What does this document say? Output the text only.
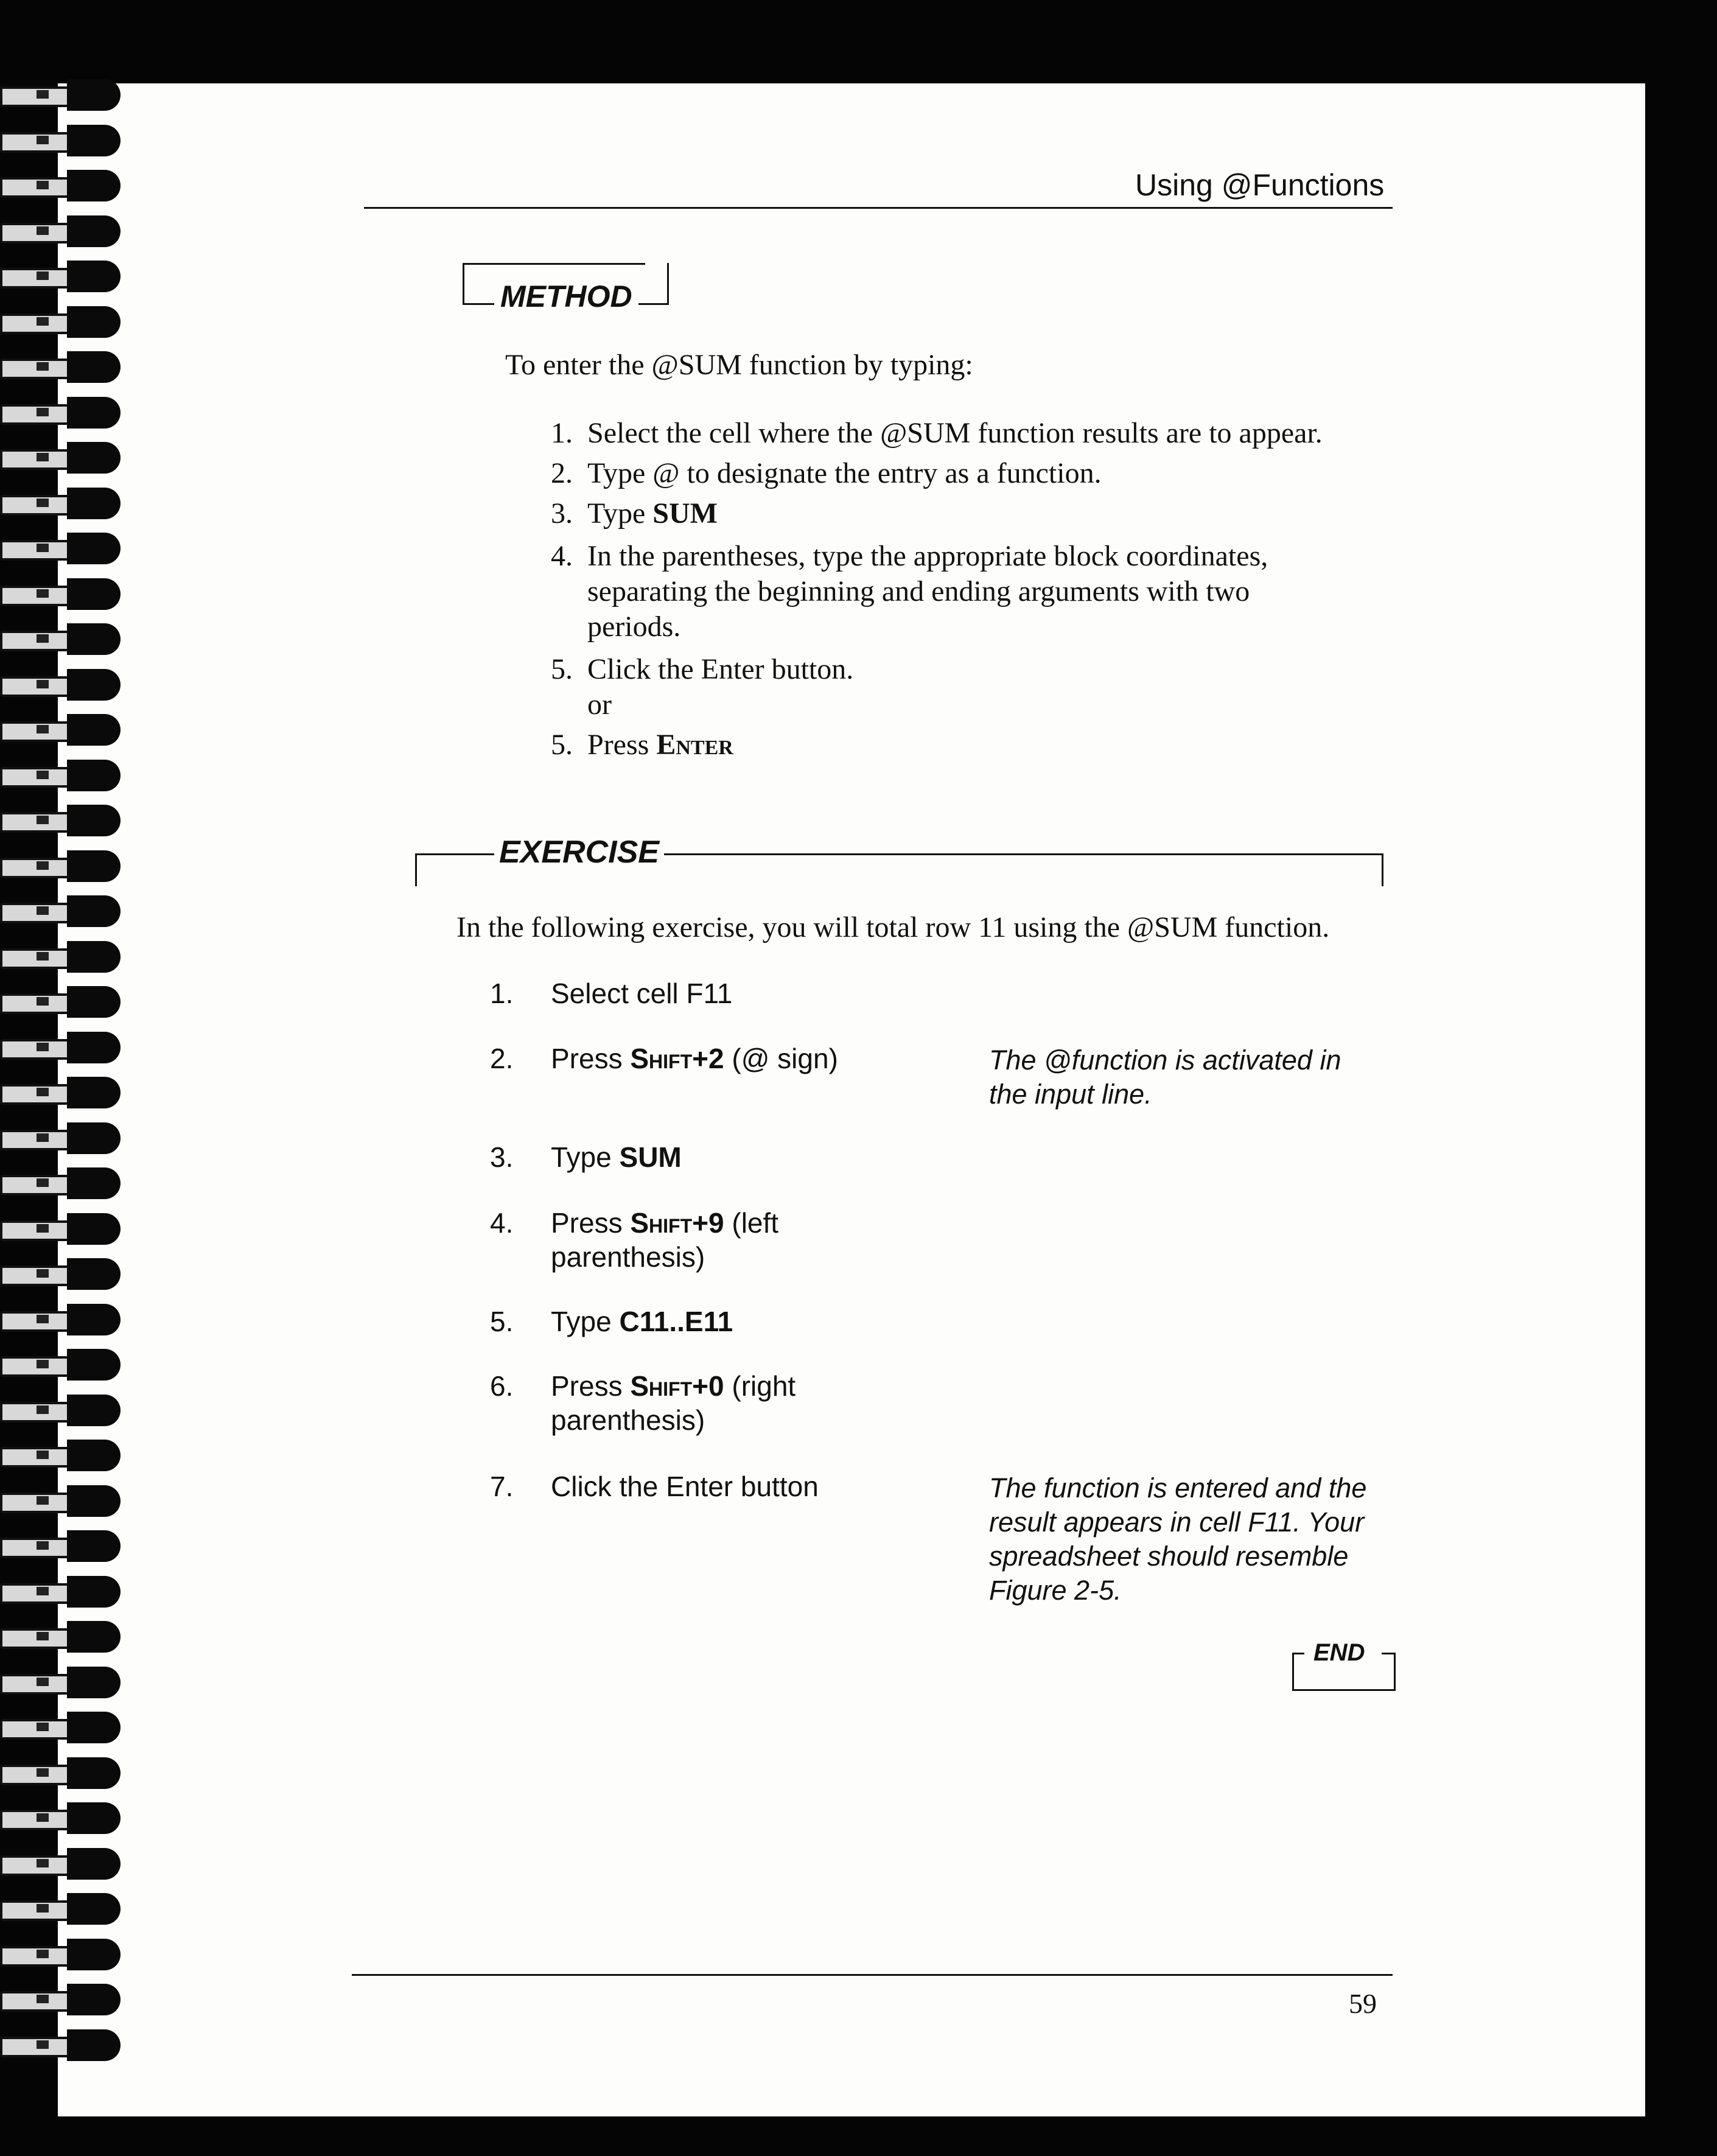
Using @Functions
METHOD
To enter the @SUM function by typing:
1. Select the cell where the @SUM function results are to appear.
2. Type @ to designate the entry as a function.
3. Type SUM
4. In the parentheses, type the appropriate block coordinates,
separating the beginning and ending arguments with two
periods.
5. Click the Enter button.
or
5. Press Enter
EXERCISE
In the following exercise, you will total row 11 using the @SUM function.
1. Select cell F11
2. Press Shift+2 (@ sign)	The @function is activated in
the input line.
3. Type SUM
4. Press Shift+9 (left
parenthesis)
5. Type C11..E11
6. Press Shift+0 (right
parenthesis)
7. Click the Enter button	The function is entered and the
result appears in cell F11. Your
spreadsheet should resemble
Figure 2-5.
END
59
